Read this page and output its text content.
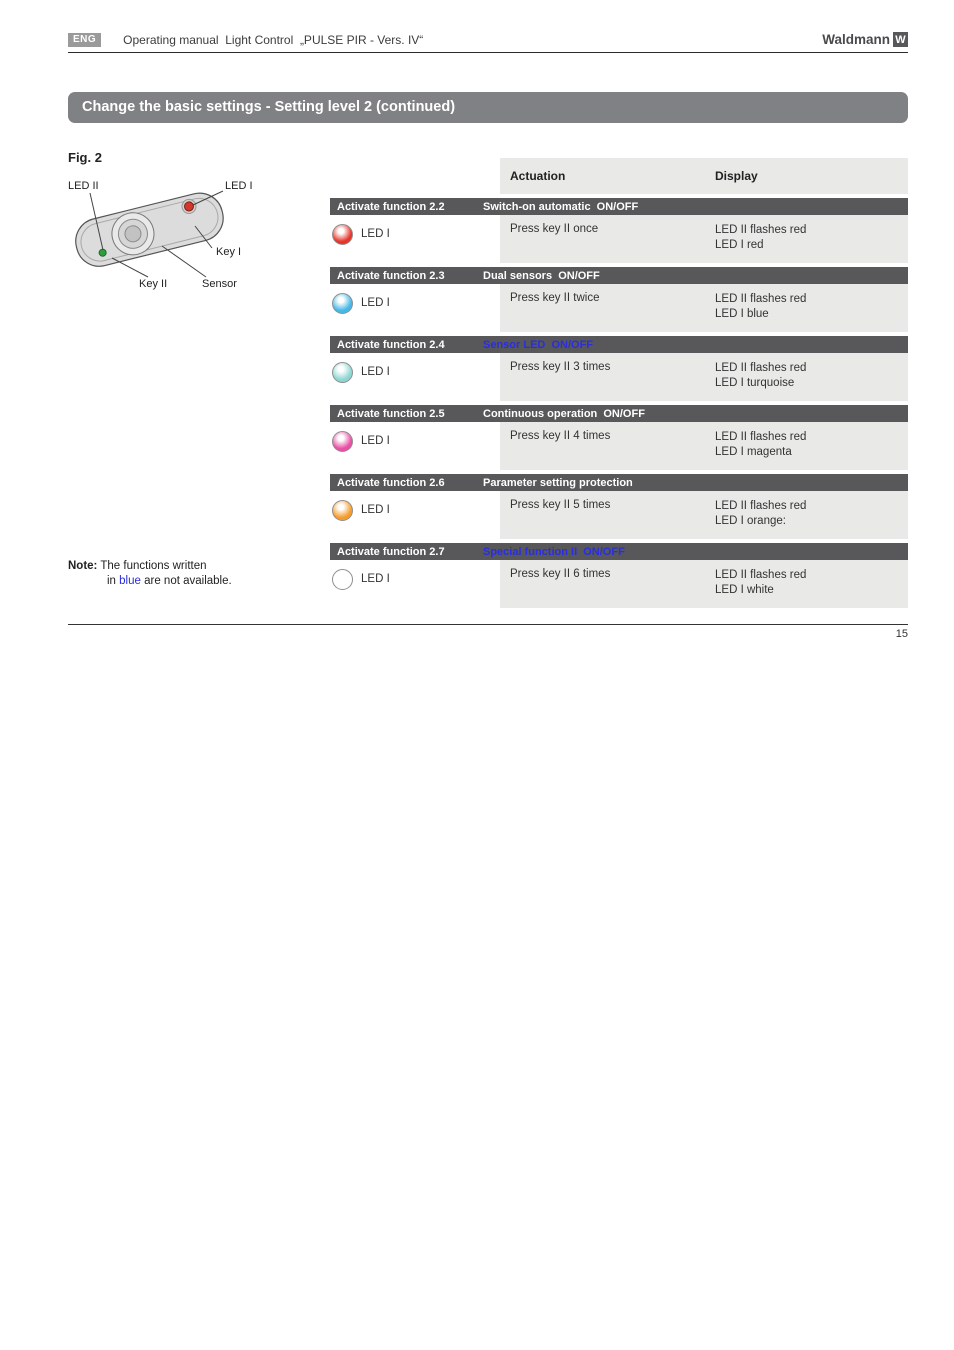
ENG	Operating manual  Light Control  „PULSE PIR - Vers. IV“	Waldmann W
Change the basic settings - Setting level 2 (continued)
Fig. 2
LED II	LED I
Key I
Key II	Sensor
Note: The functions written
in blue are not available.
Actuation	Display
Activate function 2.2	Switch-on automatic  ON/OFF
LED I	Press key II once	LED II flashes red
LED I red
Activate function 2.3	Dual sensors  ON/OFF
LED I	Press key II twice	LED II flashes red
LED I blue
Activate function 2.4	Sensor LED  ON/OFF
LED I	Press key II 3 times	LED II flashes red
LED I turquoise
Activate function 2.5	Continuous operation  ON/OFF
LED I	Press key II 4 times	LED II flashes red
LED I magenta
Activate function 2.6	Parameter setting protection
LED I	Press key II 5 times	LED II flashes red
LED I orange:
Activate function 2.7	Special function II  ON/OFF
LED I	Press key II 6 times	LED II flashes red
LED I white
15
